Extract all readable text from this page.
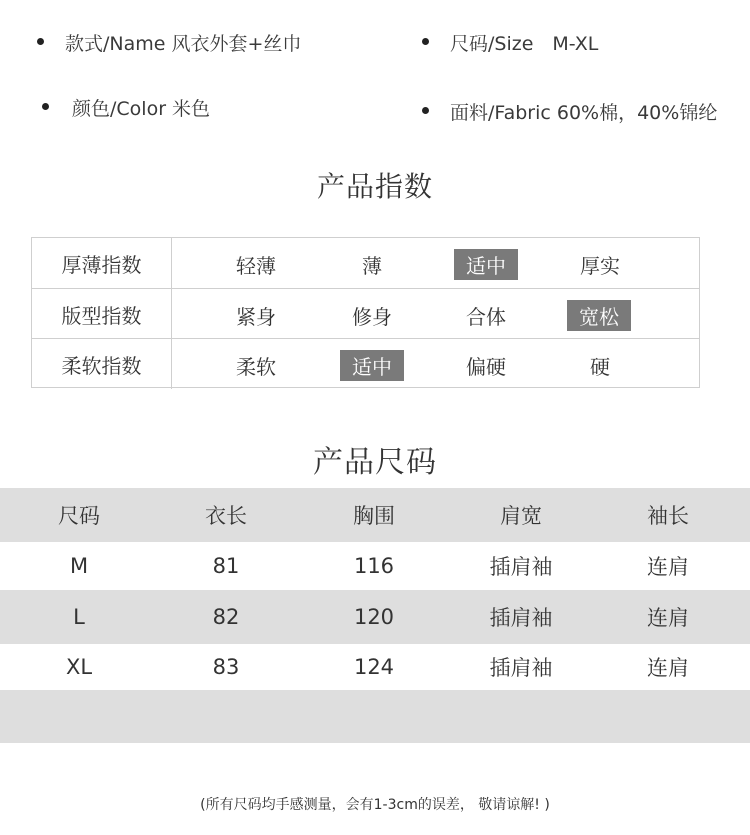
款式/Name 风衣外套+丝巾	尺码/Size　M-XL
颜色/Color 米色	面料/Fabric 60%棉，40%锦纶
产品指数
厚薄指数	轻薄	薄	适中	厚实
版型指数	紧身	修身	合体	宽松
柔软指数	柔软	适中	偏硬	硬
产品尺码
尺码	衣长	胸围	肩宽	袖长
M	81	116	插肩袖	连肩
L	82	120	插肩袖	连肩
XL	83	124	插肩袖	连肩
(所有尺码均手感测量，会有1-3cm的误差， 敬请谅解! )
